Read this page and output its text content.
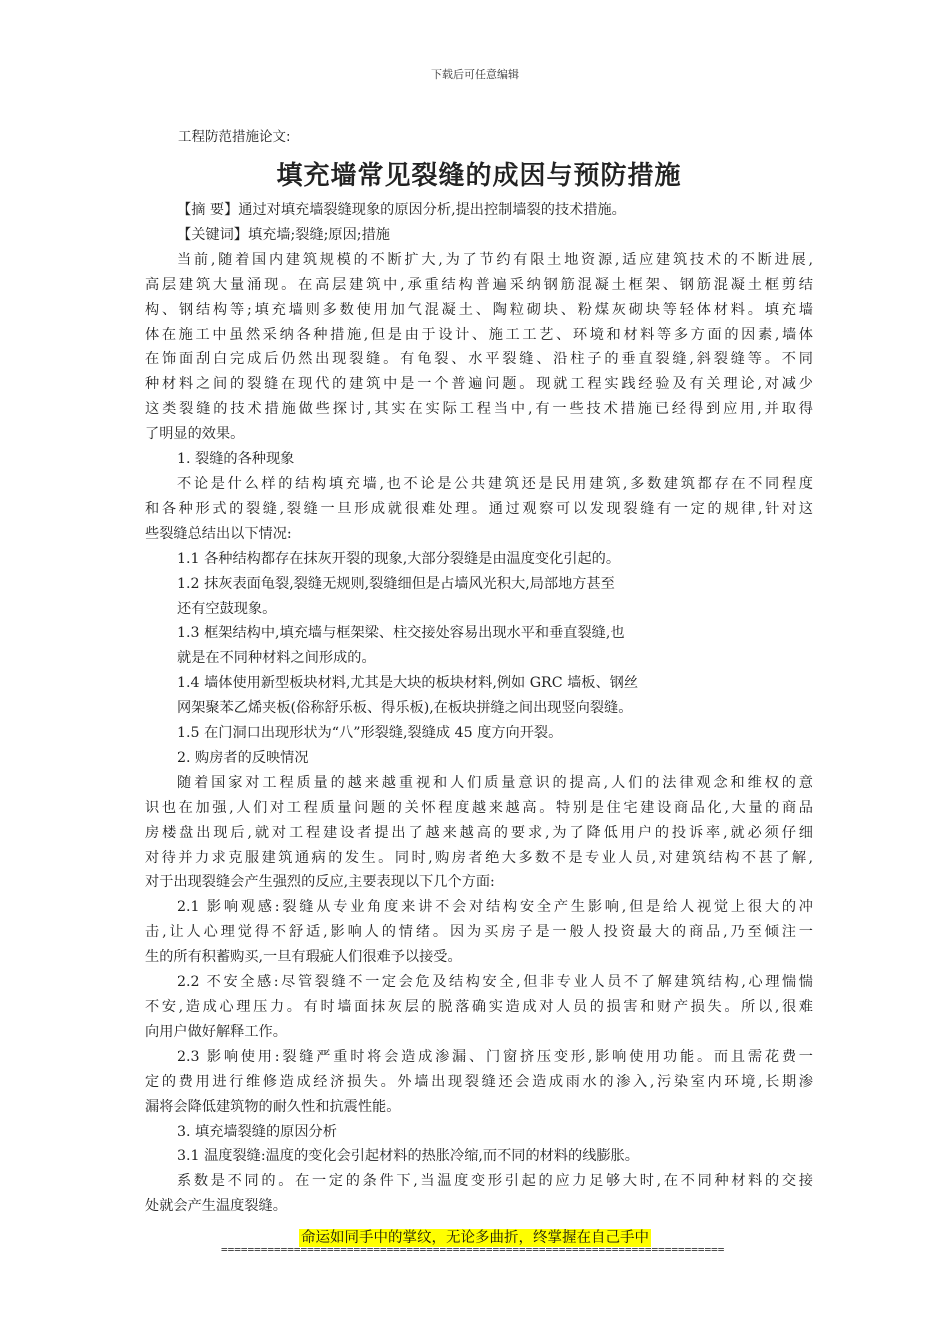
下载后可任意编辑
工程防范措施论文:
填充墙常见裂缝的成因与预防措施
【摘 要】通过对填充墙裂缝现象的原因分析,提出控制墙裂的技术措施。
【关键词】填充墙;裂缝;原因;措施
当前,随着国内建筑规模的不断扩大,为了节约有限土地资源,适应建筑技术的不断进展,
高层建筑大量涌现。在高层建筑中,承重结构普遍采纳钢筋混凝土框架、钢筋混凝土框剪结
构、钢结构等;填充墙则多数使用加气混凝土、陶粒砌块、粉煤灰砌块等轻体材料。填充墙
体在施工中虽然采纳各种措施,但是由于设计、施工工艺、环境和材料等多方面的因素,墙体
在饰面刮白完成后仍然出现裂缝。有龟裂、水平裂缝、沿柱子的垂直裂缝,斜裂缝等。不同
种材料之间的裂缝在现代的建筑中是一个普遍问题。现就工程实践经验及有关理论,对减少
这类裂缝的技术措施做些探讨,其实在实际工程当中,有一些技术措施已经得到应用,并取得
了明显的效果。
1. 裂缝的各种现象
不论是什么样的结构填充墙,也不论是公共建筑还是民用建筑,多数建筑都存在不同程度
和各种形式的裂缝,裂缝一旦形成就很难处理。通过观察可以发现裂缝有一定的规律,针对这
些裂缝总结出以下情况:
1.1 各种结构都存在抹灰开裂的现象,大部分裂缝是由温度变化引起的。
1.2 抹灰表面龟裂,裂缝无规则,裂缝细但是占墙风光积大,局部地方甚至
还有空鼓现象。
1.3 框架结构中,填充墙与框架梁、柱交接处容易出现水平和垂直裂缝,也
就是在不同种材料之间形成的。
1.4 墙体使用新型板块材料,尤其是大块的板块材料,例如 GRC 墙板、钢丝
网架聚苯乙烯夹板(俗称舒乐板、得乐板),在板块拼缝之间出现竖向裂缝。
1.5 在门洞口出现形状为“八”形裂缝,裂缝成 45 度方向开裂。
2. 购房者的反映情况
随着国家对工程质量的越来越重视和人们质量意识的提高,人们的法律观念和维权的意
识也在加强,人们对工程质量问题的关怀程度越来越高。特别是住宅建设商品化,大量的商品
房楼盘出现后,就对工程建设者提出了越来越高的要求,为了降低用户的投诉率,就必须仔细
对待并力求克服建筑通病的发生。同时,购房者绝大多数不是专业人员,对建筑结构不甚了解,
对于出现裂缝会产生强烈的反应,主要表现以下几个方面:
2.1 影响观感:裂缝从专业角度来讲不会对结构安全产生影响,但是给人视觉上很大的冲
击,让人心理觉得不舒适,影响人的情绪。因为买房子是一般人投资最大的商品,乃至倾注一
生的所有积蓄购买,一旦有瑕疵人们很难予以接受。
2.2 不安全感:尽管裂缝不一定会危及结构安全,但非专业人员不了解建筑结构,心理惴惴
不安,造成心理压力。有时墙面抹灰层的脱落确实造成对人员的损害和财产损失。所以,很难
向用户做好解释工作。
2.3 影响使用:裂缝严重时将会造成渗漏、门窗挤压变形,影响使用功能。而且需花费一
定的费用进行维修造成经济损失。外墙出现裂缝还会造成雨水的渗入,污染室内环境,长期渗
漏将会降低建筑物的耐久性和抗震性能。
3. 填充墙裂缝的原因分析
3.1 温度裂缝:温度的变化会引起材料的热胀冷缩,而不同的材料的线膨胀。
系数是不同的。在一定的条件下,当温度变形引起的应力足够大时,在不同种材料的交接
处就会产生温度裂缝。
命运如同手中的掌纹，无论多曲折，终掌握在自己手中
============================================================================
